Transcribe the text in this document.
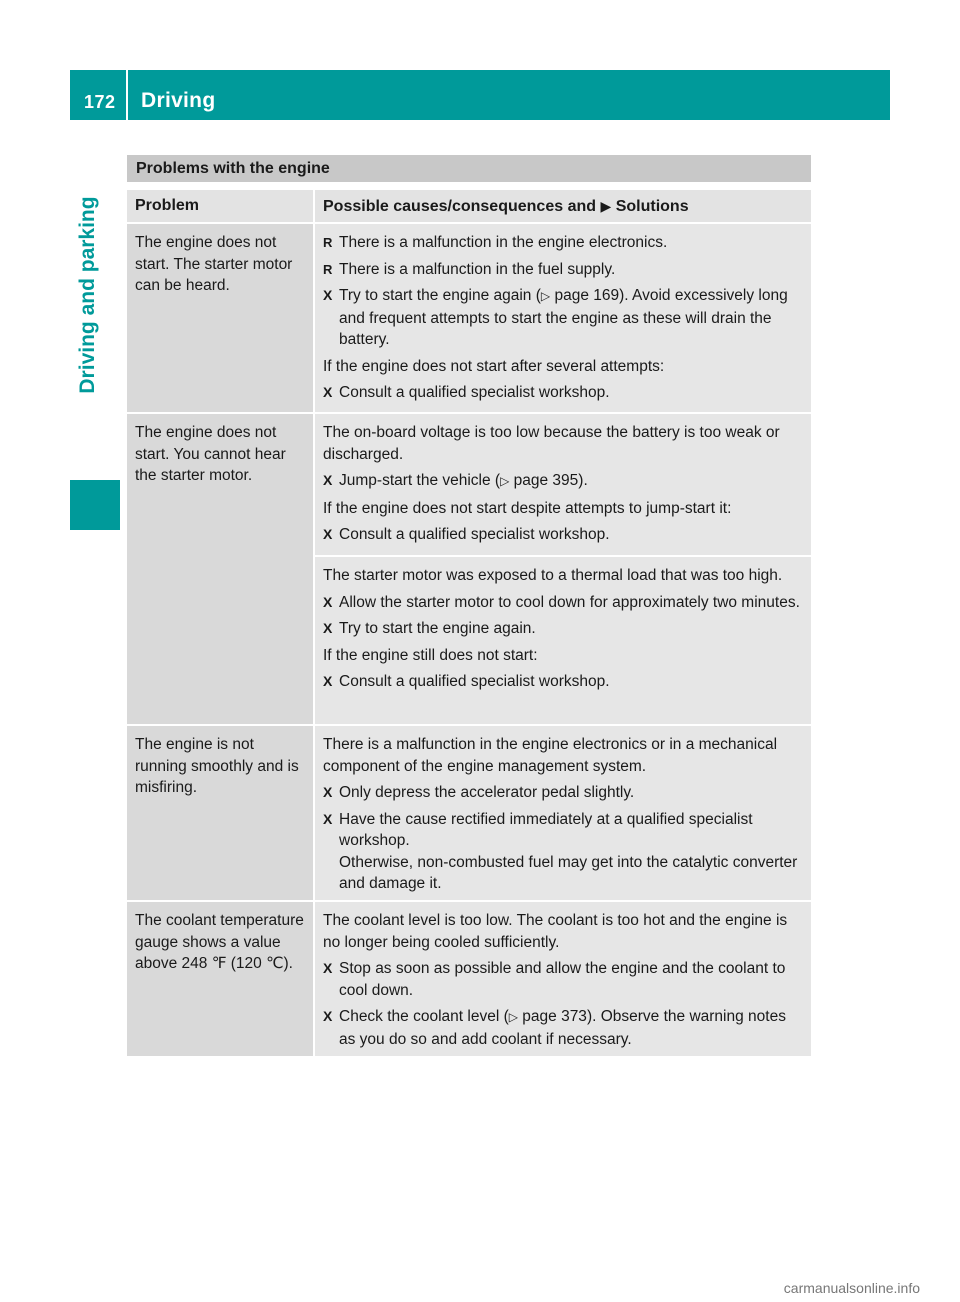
172 Driving
Driving and parking
Problems with the engine
Problem	Possible causes/consequences and ▶ Solutions
The engine does not start. The starter motor can be heard.
R There is a malfunction in the engine electronics.
R There is a malfunction in the fuel supply.
X Try to start the engine again (▷ page 169). Avoid excessively long and frequent attempts to start the engine as these will drain the battery.
If the engine does not start after several attempts:
X Consult a qualified specialist workshop.
The engine does not start. You cannot hear the starter motor.
The on-board voltage is too low because the battery is too weak or discharged.
X Jump-start the vehicle (▷ page 395).
If the engine does not start despite attempts to jump-start it:
X Consult a qualified specialist workshop.
The starter motor was exposed to a thermal load that was too high.
X Allow the starter motor to cool down for approximately two minutes.
X Try to start the engine again.
If the engine still does not start:
X Consult a qualified specialist workshop.
The engine is not running smoothly and is misfiring.
There is a malfunction in the engine electronics or in a mechanical component of the engine management system.
X Only depress the accelerator pedal slightly.
X Have the cause rectified immediately at a qualified specialist workshop.
Otherwise, non-combusted fuel may get into the catalytic converter and damage it.
The coolant temperature gauge shows a value above 248 ℉ (120 ℃).
The coolant level is too low. The coolant is too hot and the engine is no longer being cooled sufficiently.
X Stop as soon as possible and allow the engine and the coolant to cool down.
X Check the coolant level (▷ page 373). Observe the warning notes as you do so and add coolant if necessary.
carmanualsonline.info
